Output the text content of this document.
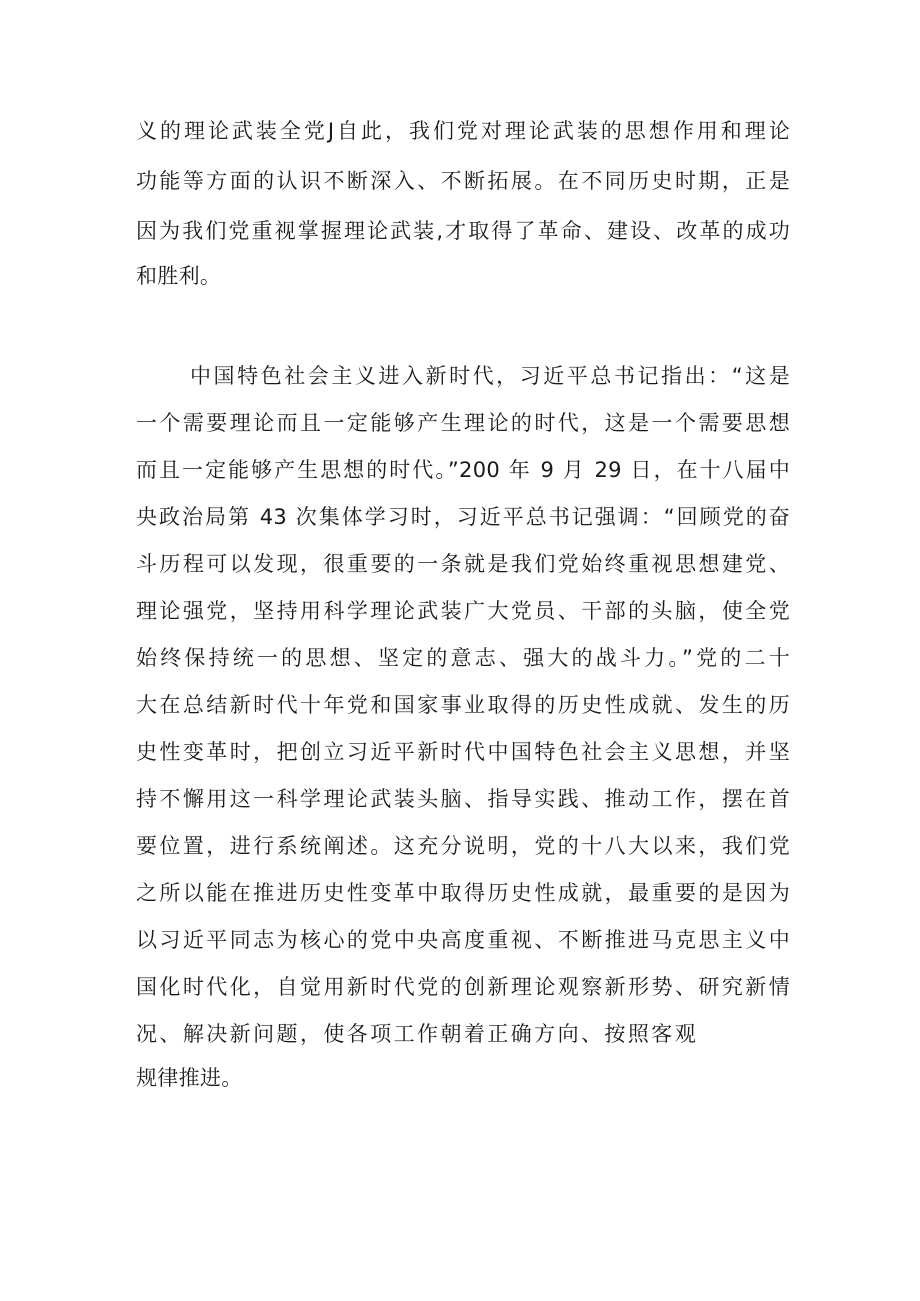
义的理论武装全党J自此，我们党对理论武装的思想作用和理论
功能等方面的认识不断深入、不断拓展。在不同历史时期，正是
因为我们党重视掌握理论武装,才取得了革命、建设、改革的成功
和胜利。
中国特色社会主义进入新时代，习近平总书记指出：“这是
一个需要理论而且一定能够产生理论的时代，这是一个需要思想
而且一定能够产生思想的时代。”200 年 9 月 29 日，在十八届中
央政治局第 43 次集体学习时，习近平总书记强调：“回顾党的奋
斗历程可以发现，很重要的一条就是我们党始终重视思想建党、
理论强党，坚持用科学理论武装广大党员、干部的头脑，使全党
始终保持统一的思想、坚定的意志、强大的战斗力。”党的二十
大在总结新时代十年党和国家事业取得的历史性成就、发生的历
史性变革时，把创立习近平新时代中国特色社会主义思想，并坚
持不懈用这一科学理论武装头脑、指导实践、推动工作，摆在首
要位置，进行系统阐述。这充分说明，党的十八大以来，我们党
之所以能在推进历史性变革中取得历史性成就，最重要的是因为
以习近平同志为核心的党中央高度重视、不断推进马克思主义中
国化时代化，自觉用新时代党的创新理论观察新形势、研究新情
况、解决新问题，使各项工作朝着正确方向、按照客观
规律推进。
